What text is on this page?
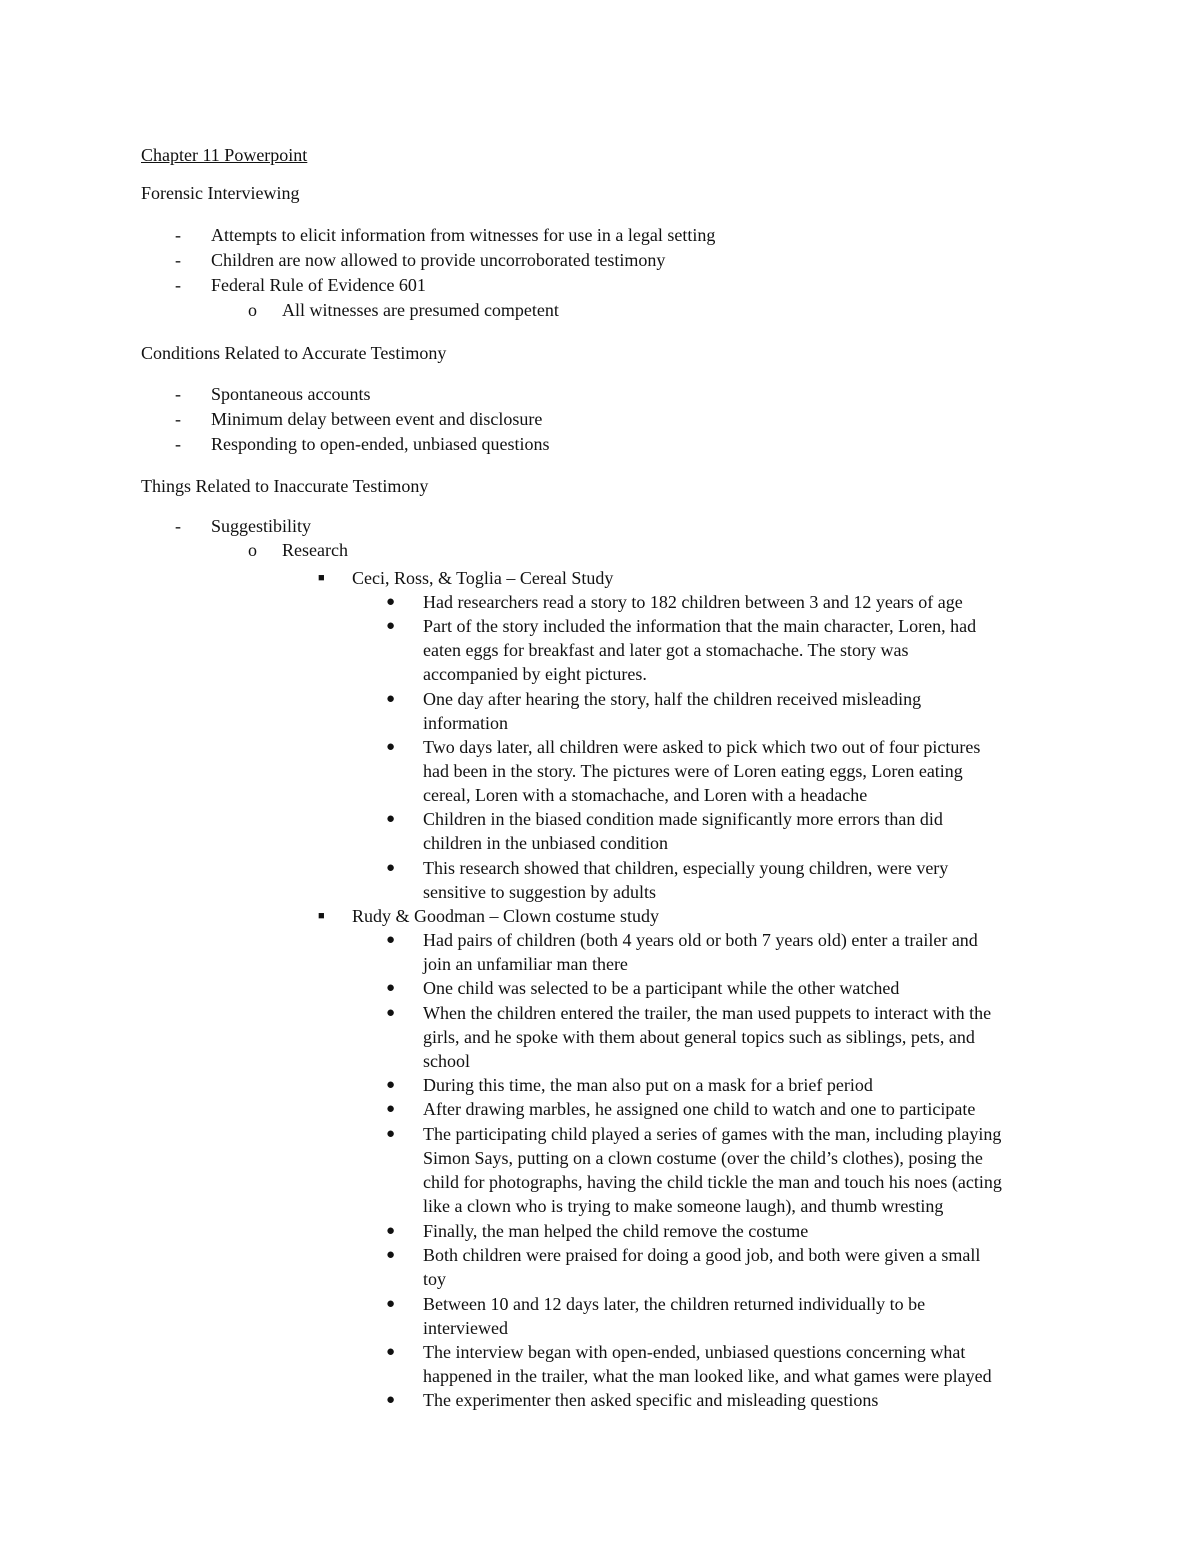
Chapter 11 Powerpoint
Forensic Interviewing
- Attempts to elicit information from witnesses for use in a legal setting
- Children are now allowed to provide uncorroborated testimony
- Federal Rule of Evidence 601
o All witnesses are presumed competent
Conditions Related to Accurate Testimony
- Spontaneous accounts
- Minimum delay between event and disclosure
- Responding to open-ended, unbiased questions
Things Related to Inaccurate Testimony
- Suggestibility
o Research
■ Ceci, Ross, & Toglia – Cereal Study
● Had researchers read a story to 182 children between 3 and 12 years of age
● Part of the story included the information that the main character, Loren, had
eaten eggs for breakfast and later got a stomachache. The story was
accompanied by eight pictures.
● One day after hearing the story, half the children received misleading
information
● Two days later, all children were asked to pick which two out of four pictures
had been in the story. The pictures were of Loren eating eggs, Loren eating
cereal, Loren with a stomachache, and Loren with a headache
● Children in the biased condition made significantly more errors than did
children in the unbiased condition
● This research showed that children, especially young children, were very
sensitive to suggestion by adults
■ Rudy & Goodman – Clown costume study
● Had pairs of children (both 4 years old or both 7 years old) enter a trailer and
join an unfamiliar man there
● One child was selected to be a participant while the other watched
● When the children entered the trailer, the man used puppets to interact with the
girls, and he spoke with them about general topics such as siblings, pets, and
school
● During this time, the man also put on a mask for a brief period
● After drawing marbles, he assigned one child to watch and one to participate
● The participating child played a series of games with the man, including playing
Simon Says, putting on a clown costume (over the child’s clothes), posing the
child for photographs, having the child tickle the man and touch his noes (acting
like a clown who is trying to make someone laugh), and thumb wresting
● Finally, the man helped the child remove the costume
● Both children were praised for doing a good job, and both were given a small
toy
● Between 10 and 12 days later, the children returned individually to be
interviewed
● The interview began with open-ended, unbiased questions concerning what
happened in the trailer, what the man looked like, and what games were played
● The experimenter then asked specific and misleading questions
